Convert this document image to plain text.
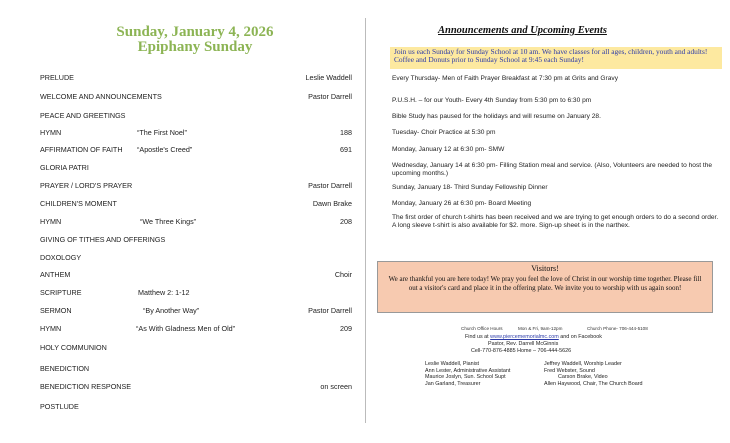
Sunday, January 4, 2026
Epiphany Sunday
PRELUDE	Leslie Waddell
WELCOME AND ANNOUNCEMENTS	Pastor Darrell
PEACE AND GREETINGS
HYMN	“The First Noel”	188
AFFIRMATION OF FAITH “Apostle's Creed”	691
GLORIA PATRI
PRAYER / LORD'S PRAYER	Pastor Darrell
CHILDREN'S MOMENT	Dawn Brake
HYMN	“We Three Kings”	208
GIVING OF TITHES AND OFFERINGS
DOXOLOGY
ANTHEM	Choir
SCRIPTURE	Matthew 2: 1-12
SERMON	“By Another Way”	Pastor Darrell
HYMN	“As With Gladness Men of Old”	209
HOLY COMMUNION
BENEDICTION
BENEDICTION RESPONSE	on screen
POSTLUDE
Announcements and Upcoming Events
Join us each Sunday for Sunday School at 10 am. We have classes for all ages, children, youth and adults! Coffee and Donuts prior to Sunday School at 9:45 each Sunday!
Every Thursday- Men of Faith Prayer Breakfast at 7:30 pm at Grits and Gravy
P.U.S.H. – for our Youth- Every 4th Sunday from 5:30 pm to 6:30 pm
Bible Study has paused for the holidays and will resume on January 28.
Tuesday- Choir Practice at 5:30 pm
Monday, January 12 at 6:30 pm- SMW
Wednesday, January 14 at 6:30 pm- Filling Station meal and service. (Also, Volunteers are needed to host the upcoming months.)
Sunday, January 18- Third Sunday Fellowship Dinner
Monday, January 26 at 6:30 pm- Board Meeting
The first order of church t-shirts has been received and we are trying to get enough orders to do a second order. A long sleeve t-shirt is also available for $2. more. Sign-up sheet is in the narthex.
Visitors!
We are thankful you are here today! We pray you feel the love of Christ in our worship time together. Please fill out a visitor's card and place it in the offering plate. We invite you to worship with us again soon!
Church Office Hours	Mon & Fri, 9am-12pm	Church Phone- 706-444-5108
Find us at www.piercememorialmc.com and on Facebook
Pastor, Rev. Darrell McGinnis
Cell-770-876-4885 Home – 706-444-5626
Leslie Waddell, Pianist
Ann Lester, Administrative Assistant
Maurice Joslyn, Sun. School Supt
Jan Garland, Treasurer
Jeffrey Waddell, Worship Leader
Fred Webster, Sound
Carson Brake, Video
Allen Haywood, Chair, The Church Board
